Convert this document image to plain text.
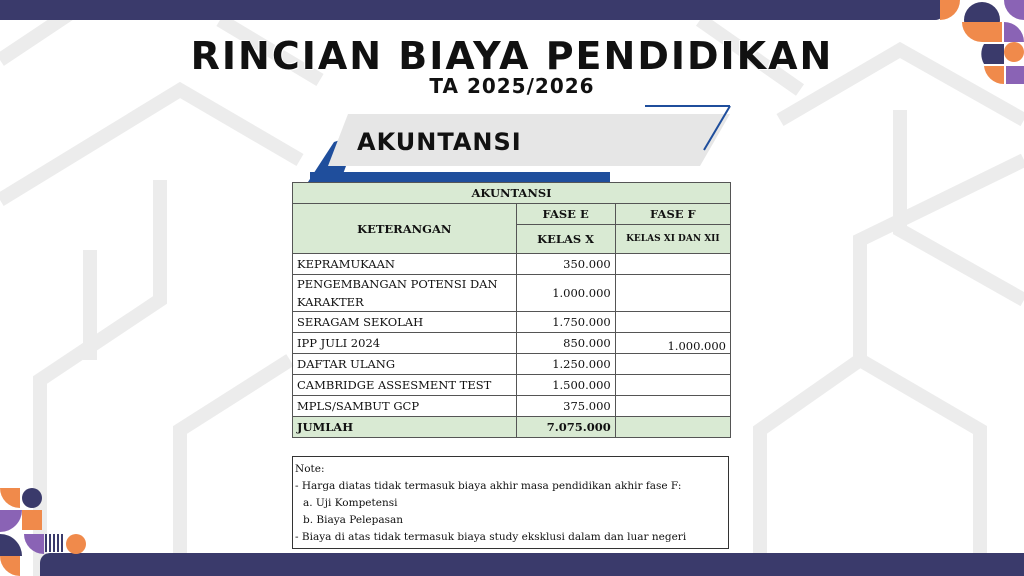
RINCIAN BIAYA PENDIDIKAN
TA 2025/2026
AKUNTANSI
AKUNTANSI		
KETERANGAN	FASE E	FASE F
	KELAS X	KELAS XI DAN XII
KEPRAMUKAAN	350.000	
PENGEMBANGAN POTENSI DAN KARAKTER	1.000.000	
SERAGAM SEKOLAH	1.750.000	
IPP JULI 2024	850.000	1.000.000
DAFTAR ULANG	1.250.000	
CAMBRIDGE ASSESMENT TEST	1.500.000	
MPLS/SAMBUT GCP	375.000	
JUMLAH	7.075.000	
Note:
- Harga diatas tidak termasuk biaya akhir masa pendidikan akhir fase F:
a. Uji Kompetensi
b. Biaya Pelepasan
- Biaya di atas tidak termasuk biaya study eksklusi dalam dan luar negeri
